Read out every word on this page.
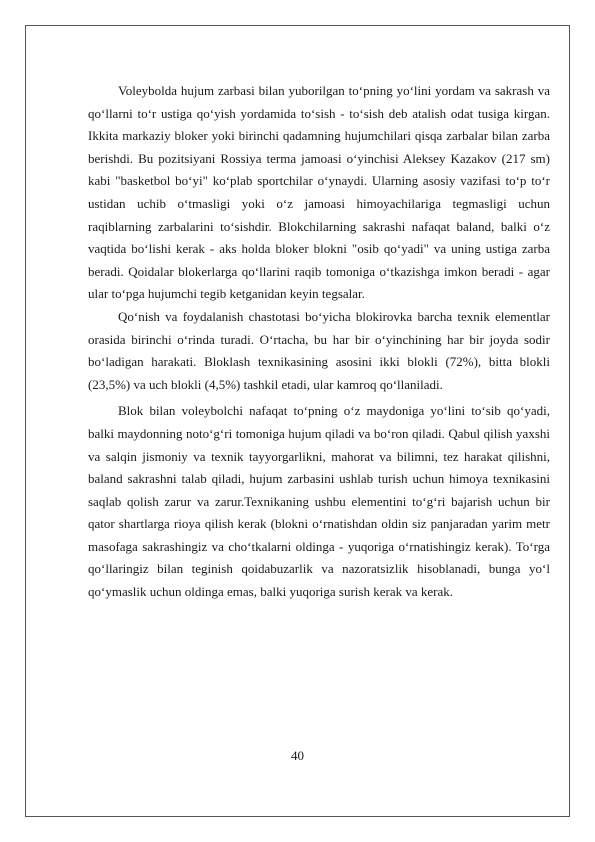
Voleybolda hujum zarbasi bilan yuborilgan to‘pning yo‘lini yordam va sakrash va qo‘llarni to‘r ustiga qo‘yish yordamida to‘sish - to‘sish deb atalish odat tusiga kirgan. Ikkita markaziy bloker yoki birinchi qadamning hujumchilari qisqa zarbalar bilan zarba berishdi. Bu pozitsiyani Rossiya terma jamoasi o‘yinchisi Aleksey Kazakov (217 sm) kabi "basketbol bo‘yi" ko‘plab sportchilar o‘ynaydi. Ularning asosiy vazifasi to‘p to‘r ustidan uchib o‘tmasligi yoki o‘z jamoasi himoyachilariga tegmasligi uchun raqiblarning zarbalarini to‘sishdir. Blokchilarning sakrashi nafaqat baland, balki o‘z vaqtida bo‘lishi kerak - aks holda bloker blokni "osib qo‘yadi" va uning ustiga zarba beradi. Qoidalar blokerlarga qo‘llarini raqib tomoniga o‘tkazishga imkon beradi - agar ular to‘pga hujumchi tegib ketganidan keyin tegsalar.

Qo‘nish va foydalanish chastotasi bo‘yicha blokirovka barcha texnik elementlar orasida birinchi o‘rinda turadi. O‘rtacha, bu har bir o‘yinchining har bir joyda sodir bo‘ladigan harakati. Bloklash texnikasining asosini ikki blokli (72%), bitta blokli (23,5%) va uch blokli (4,5%) tashkil etadi, ular kamroq qo‘llaniladi.

Blok bilan voleybolchi nafaqat to‘pning o‘z maydoniga yo‘lini to‘sib qo‘yadi, balki maydonning noto‘g‘ri tomoniga hujum qiladi va bo‘ron qiladi. Qabul qilish yaxshi va salqin jismoniy va texnik tayyorgarlikni, mahorat va bilimni, tez harakat qilishni, baland sakrashni talab qiladi, hujum zarbasini ushlab turish uchun himoya texnikasini saqlab qolish zarur va zarur.Texnikaning ushbu elementini to‘g‘ri bajarish uchun bir qator shartlarga rioya qilish kerak (blokni o‘rnatishdan oldin siz panjaradan yarim metr masofaga sakrashingiz va cho‘tkalarni oldinga - yuqoriga o‘rnatishingiz kerak). To‘rga qo‘llaringiz bilan teginish qoidabuzarlik va nazoratsizlik hisoblanadi, bunga yo‘l qo‘ymaslik uchun oldinga emas, balki yuqoriga surish kerak va kerak.

40
